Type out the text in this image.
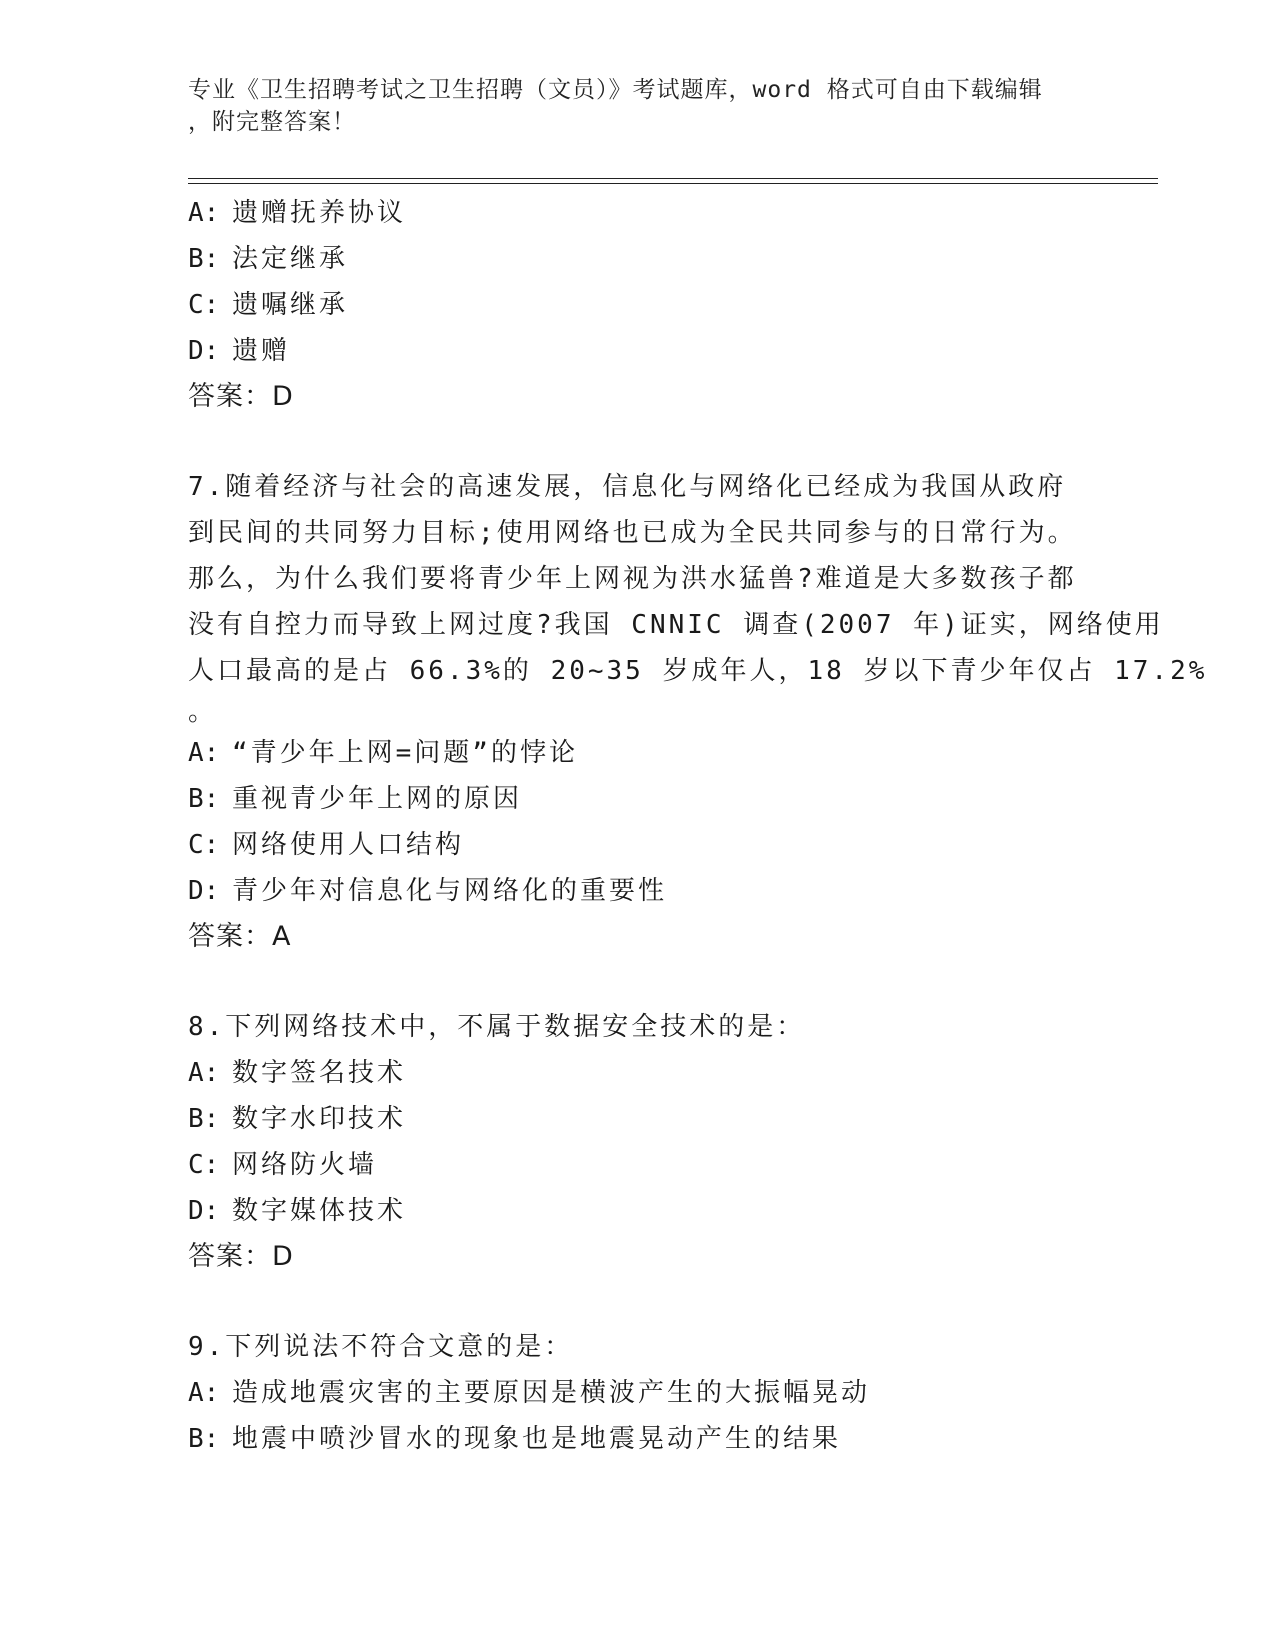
专业《卫生招聘考试之卫生招聘（文员）》考试题库，word 格式可自由下载编辑
，附完整答案！
A: 遗赠抚养协议
B: 法定继承
C: 遗嘱继承
D: 遗赠
答案：D
7.随着经济与社会的高速发展，信息化与网络化已经成为我国从政府
到民间的共同努力目标;使用网络也已成为全民共同参与的日常行为。
那么，为什么我们要将青少年上网视为洪水猛兽?难道是大多数孩子都
没有自控力而导致上网过度?我国 CNNIC 调查(2007 年)证实，网络使用
人口最高的是占 66.3%的 20~35 岁成年人，18 岁以下青少年仅占 17.2%
。
A: “青少年上网=问题”的悖论
B: 重视青少年上网的原因
C: 网络使用人口结构
D: 青少年对信息化与网络化的重要性
答案：A
8.下列网络技术中，不属于数据安全技术的是：
A: 数字签名技术
B: 数字水印技术
C: 网络防火墙
D: 数字媒体技术
答案：D
9.下列说法不符合文意的是：
A: 造成地震灾害的主要原因是横波产生的大振幅晃动
B: 地震中喷沙冒水的现象也是地震晃动产生的结果
